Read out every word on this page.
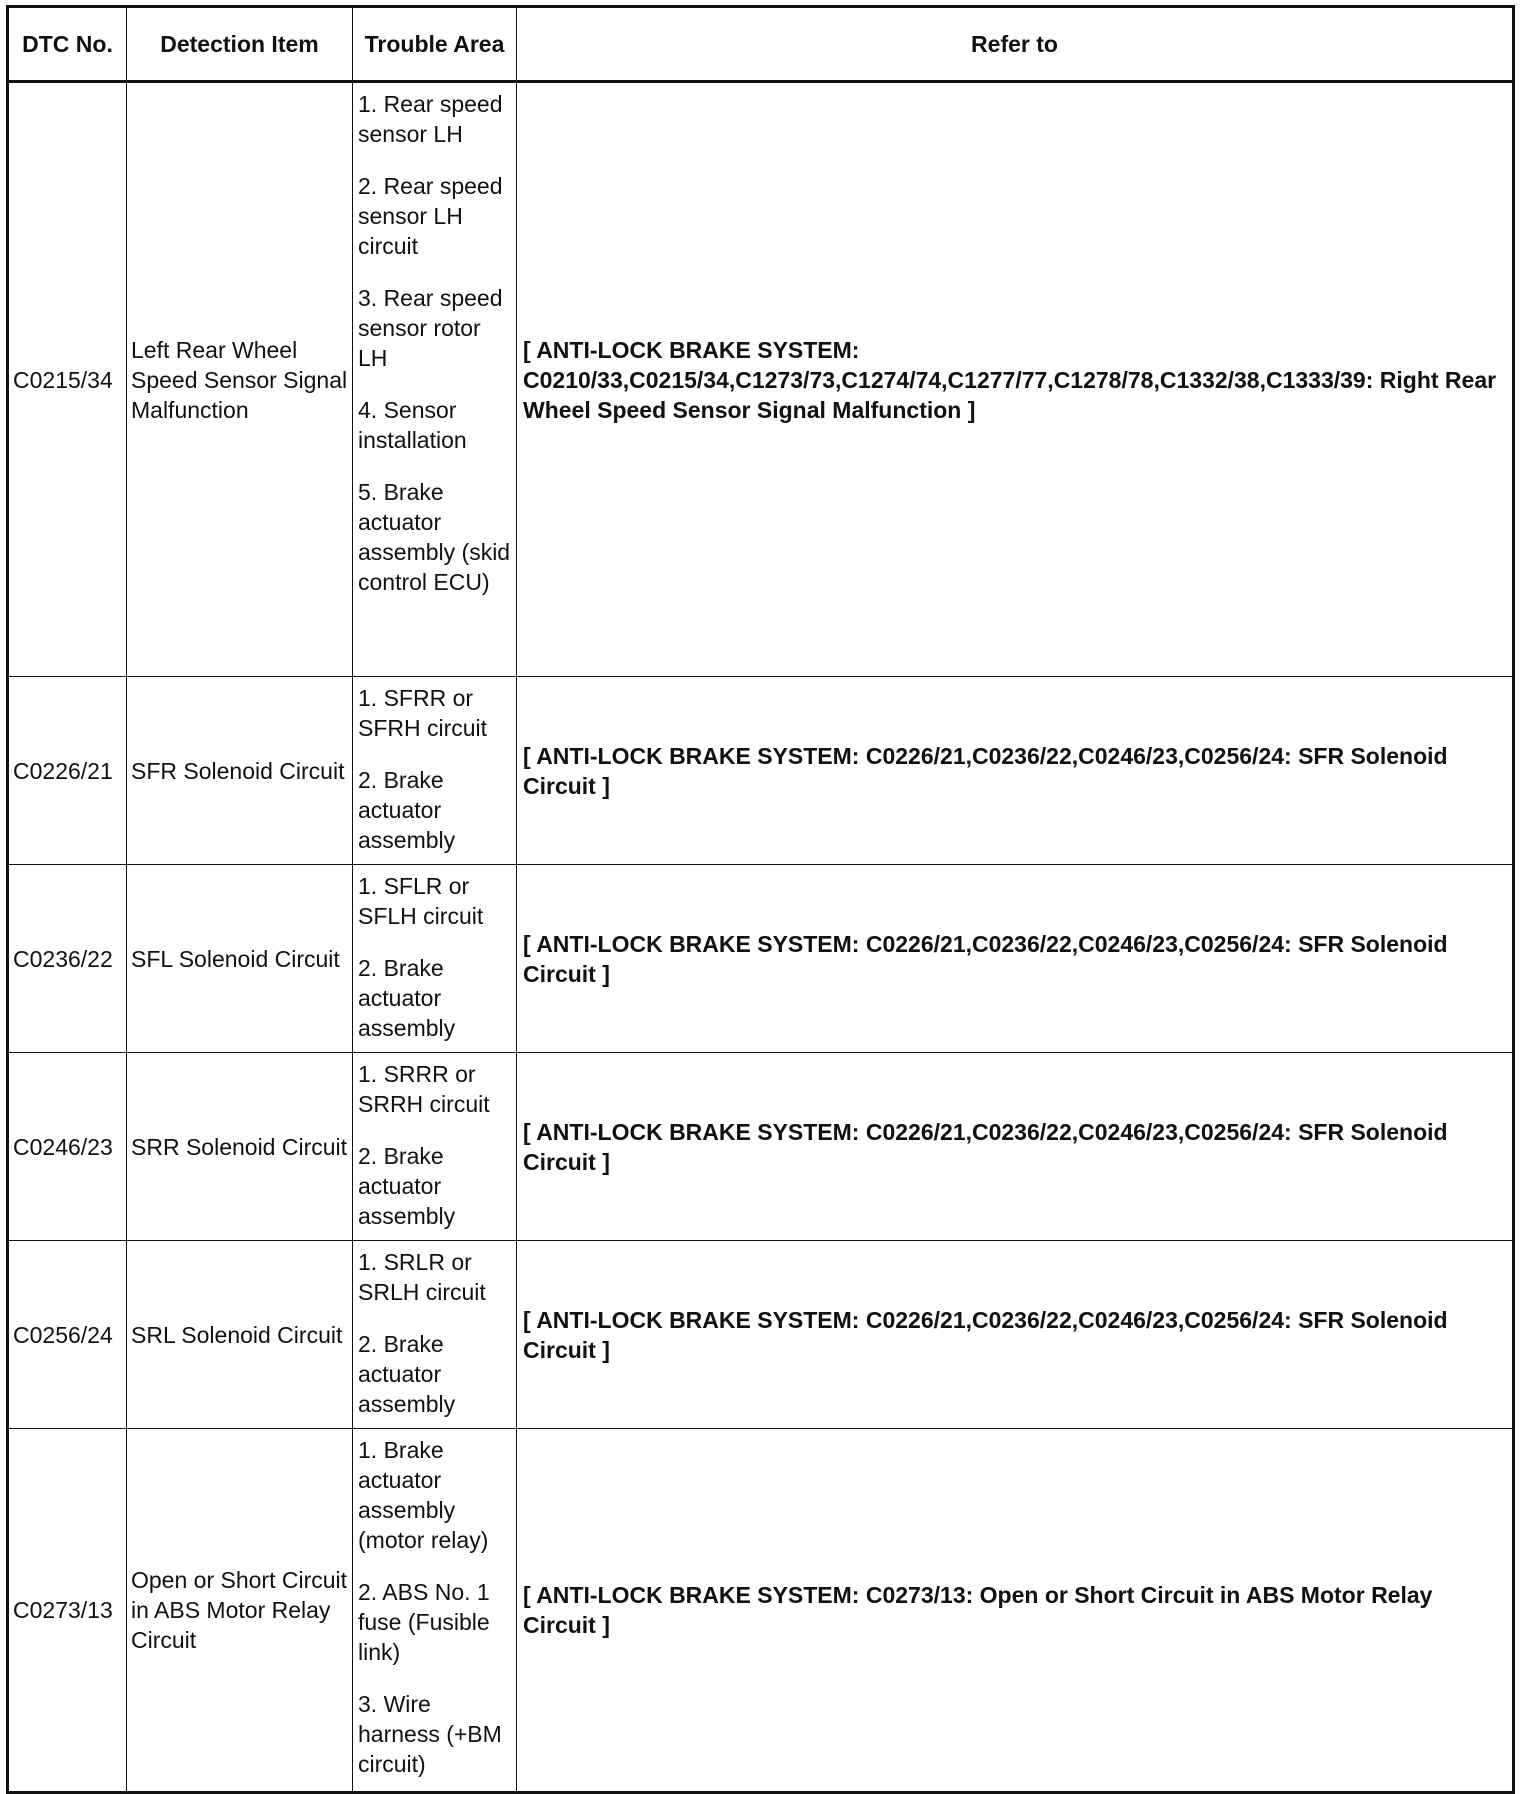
DTC No.	Detection Item	Trouble Area	Refer to
C0215/34	Left Rear Wheel Speed Sensor Signal Malfunction	1. Rear speed sensor LH
2. Rear speed sensor LH circuit
3. Rear speed sensor rotor LH
4. Sensor installation
5. Brake actuator assembly (skid control ECU)	[ ANTI-LOCK BRAKE SYSTEM: C0210/33,C0215/34,C1273/73,C1274/74,C1277/77,C1278/78,C1332/38,C1333/39: Right Rear Wheel Speed Sensor Signal Malfunction ]
C0226/21	SFR Solenoid Circuit	1. SFRR or SFRH circuit
2. Brake actuator assembly	[ ANTI-LOCK BRAKE SYSTEM: C0226/21,C0236/22,C0246/23,C0256/24: SFR Solenoid Circuit ]
C0236/22	SFL Solenoid Circuit	1. SFLR or SFLH circuit
2. Brake actuator assembly	[ ANTI-LOCK BRAKE SYSTEM: C0226/21,C0236/22,C0246/23,C0256/24: SFR Solenoid Circuit ]
C0246/23	SRR Solenoid Circuit	1. SRRR or SRRH circuit
2. Brake actuator assembly	[ ANTI-LOCK BRAKE SYSTEM: C0226/21,C0236/22,C0246/23,C0256/24: SFR Solenoid Circuit ]
C0256/24	SRL Solenoid Circuit	1. SRLR or SRLH circuit
2. Brake actuator assembly	[ ANTI-LOCK BRAKE SYSTEM: C0226/21,C0236/22,C0246/23,C0256/24: SFR Solenoid Circuit ]
C0273/13	Open or Short Circuit in ABS Motor Relay Circuit	1. Brake actuator assembly (motor relay)
2. ABS No. 1 fuse (Fusible link)
3. Wire harness (+BM circuit)	[ ANTI-LOCK BRAKE SYSTEM: C0273/13: Open or Short Circuit in ABS Motor Relay Circuit ]
